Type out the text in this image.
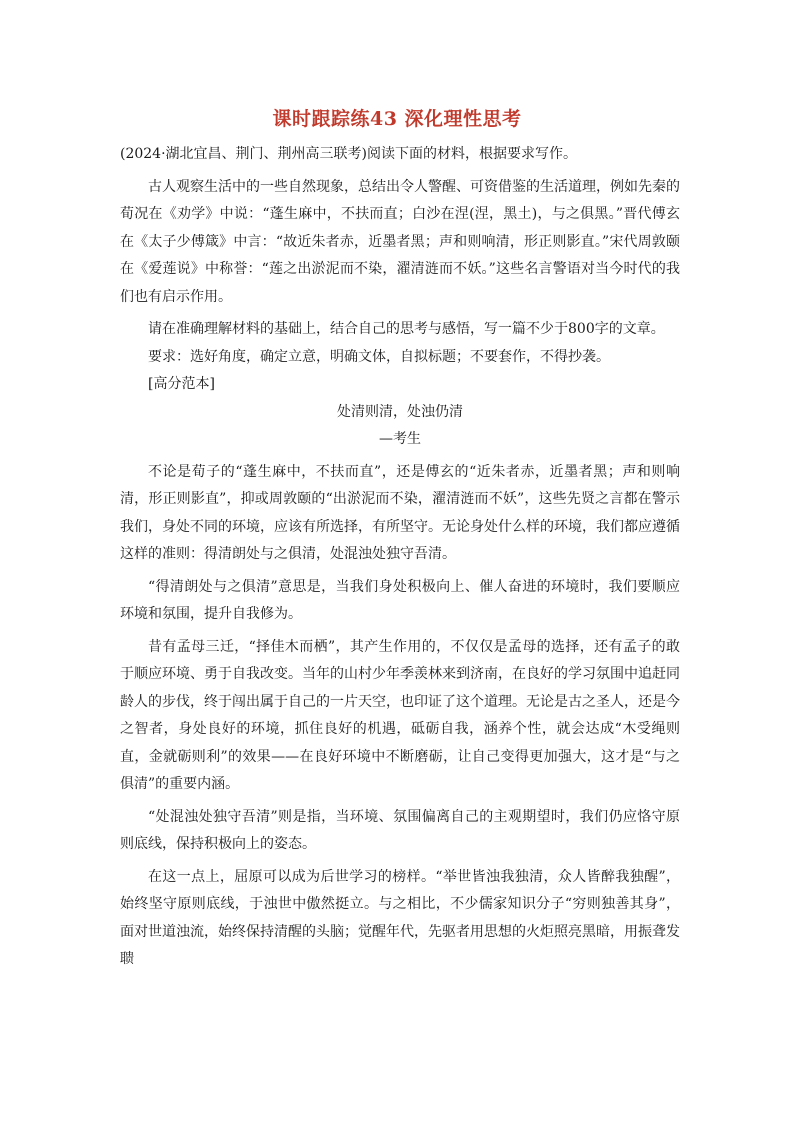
课时跟踪练43 深化理性思考

(2024·湖北宜昌、荆门、荆州高三联考)阅读下面的材料，根据要求写作。

古人观察生活中的一些自然现象，总结出令人警醒、可资借鉴的生活道理，例如先秦的荀况在《劝学》中说：“蓬生麻中，不扶而直；白沙在涅(涅，黑土)，与之俱黑。”晋代傅玄在《太子少傅箴》中言：“故近朱者赤，近墨者黑；声和则响清，形正则影直。”宋代周敦颐在《爱莲说》中称誉：“莲之出淤泥而不染，濯清涟而不妖。”这些名言警语对当今时代的我们也有启示作用。

请在准确理解材料的基础上，结合自己的思考与感悟，写一篇不少于800字的文章。

要求：选好角度，确定立意，明确文体，自拟标题；不要套作，不得抄袭。

[高分范本]

处清则清，处浊仍清

—考生

不论是荀子的“蓬生麻中，不扶而直”，还是傅玄的“近朱者赤，近墨者黑；声和则响清，形正则影直”，抑或周敦颐的“出淤泥而不染，濯清涟而不妖”，这些先贤之言都在警示我们，身处不同的环境，应该有所选择，有所坚守。无论身处什么样的环境，我们都应遵循这样的准则：得清朗处与之俱清，处混浊处独守吾清。

“得清朗处与之俱清”意思是，当我们身处积极向上、催人奋进的环境时，我们要顺应环境和氛围，提升自我修为。

昔有孟母三迁，“择佳木而栖”，其产生作用的，不仅仅是孟母的选择，还有孟子的敢于顺应环境、勇于自我改变。当年的山村少年季羡林来到济南，在良好的学习氛围中追赶同龄人的步伐，终于闯出属于自己的一片天空，也印证了这个道理。无论是古之圣人，还是今之智者，身处良好的环境，抓住良好的机遇，砥砺自我，涵养个性，就会达成“木受绳则直，金就砺则利”的效果——在良好环境中不断磨砺，让自己变得更加强大，这才是“与之俱清”的重要内涵。

“处混浊处独守吾清”则是指，当环境、氛围偏离自己的主观期望时，我们仍应恪守原则底线，保持积极向上的姿态。

在这一点上，屈原可以成为后世学习的榜样。“举世皆浊我独清，众人皆醉我独醒”，始终坚守原则底线，于浊世中傲然挺立。与之相比，不少儒家知识分子“穷则独善其身”，面对世道浊流，始终保持清醒的头脑；觉醒年代，先驱者用思想的火炬照亮黑暗，用振聋发聩
